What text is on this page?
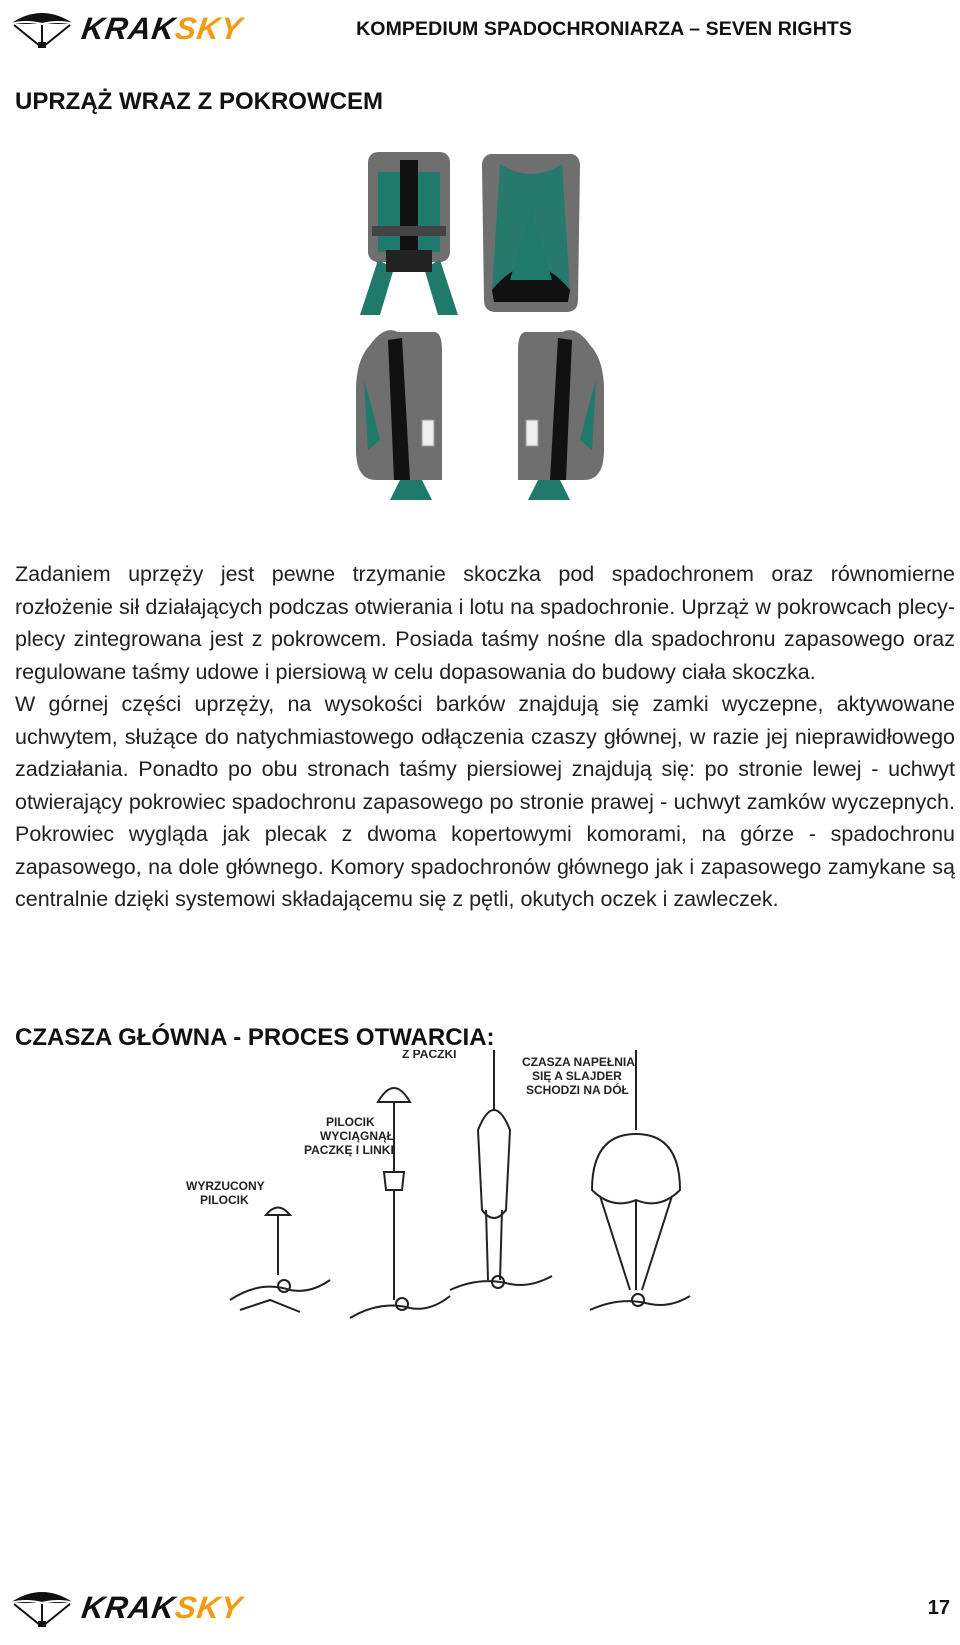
KRAKSKY	KOMPEDIUM SPADOCHRONIARZA – SEVEN RIGHTS
UPRZĄŻ WRAZ Z POKROWCEM

Zadaniem uprzęży jest pewne trzymanie skoczka pod spadochronem oraz równomierne rozłożenie sił działających podczas otwierania i lotu na spadochronie. Uprząż w pokrowcach plecy-plecy zintegrowana jest z pokrowcem. Posiada taśmy nośne dla spadochronu zapasowego oraz regulowane taśmy udowe i piersiową w celu dopasowania do budowy ciała skoczka.

W górnej części uprzęży, na wysokości barków znajdują się zamki wyczepne, aktywowane uchwytem, służące do natychmiastowego odłączenia czaszy głównej, w razie jej nieprawidłowego zadziałania. Ponadto po obu stronach taśmy piersiowej znajdują się: po stronie lewej - uchwyt otwierający pokrowiec spadochronu zapasowego po stronie prawej - uchwyt zamków wyczepnych. Pokrowiec wygląda jak plecak z dwoma kopertowymi komorami, na górze - spadochronu zapasowego, na dole głównego. Komory spadochronów głównego jak i zapasowego zamykane są centralnie dzięki systemowi składającemu się z pętli, okutych oczek i zawleczek.

CZASZA GŁÓWNA - PROCES OTWARCIA:
WYRZUCONY
PILOCIK
PILOCIK
WYCIĄGNĄŁ
PACZKĘ I LINKI
Z PACZKI
CZASZA NAPEŁNIA
SIĘ A SLAJDER
SCHODZI NA DÓŁ
KRAKSKY	17
